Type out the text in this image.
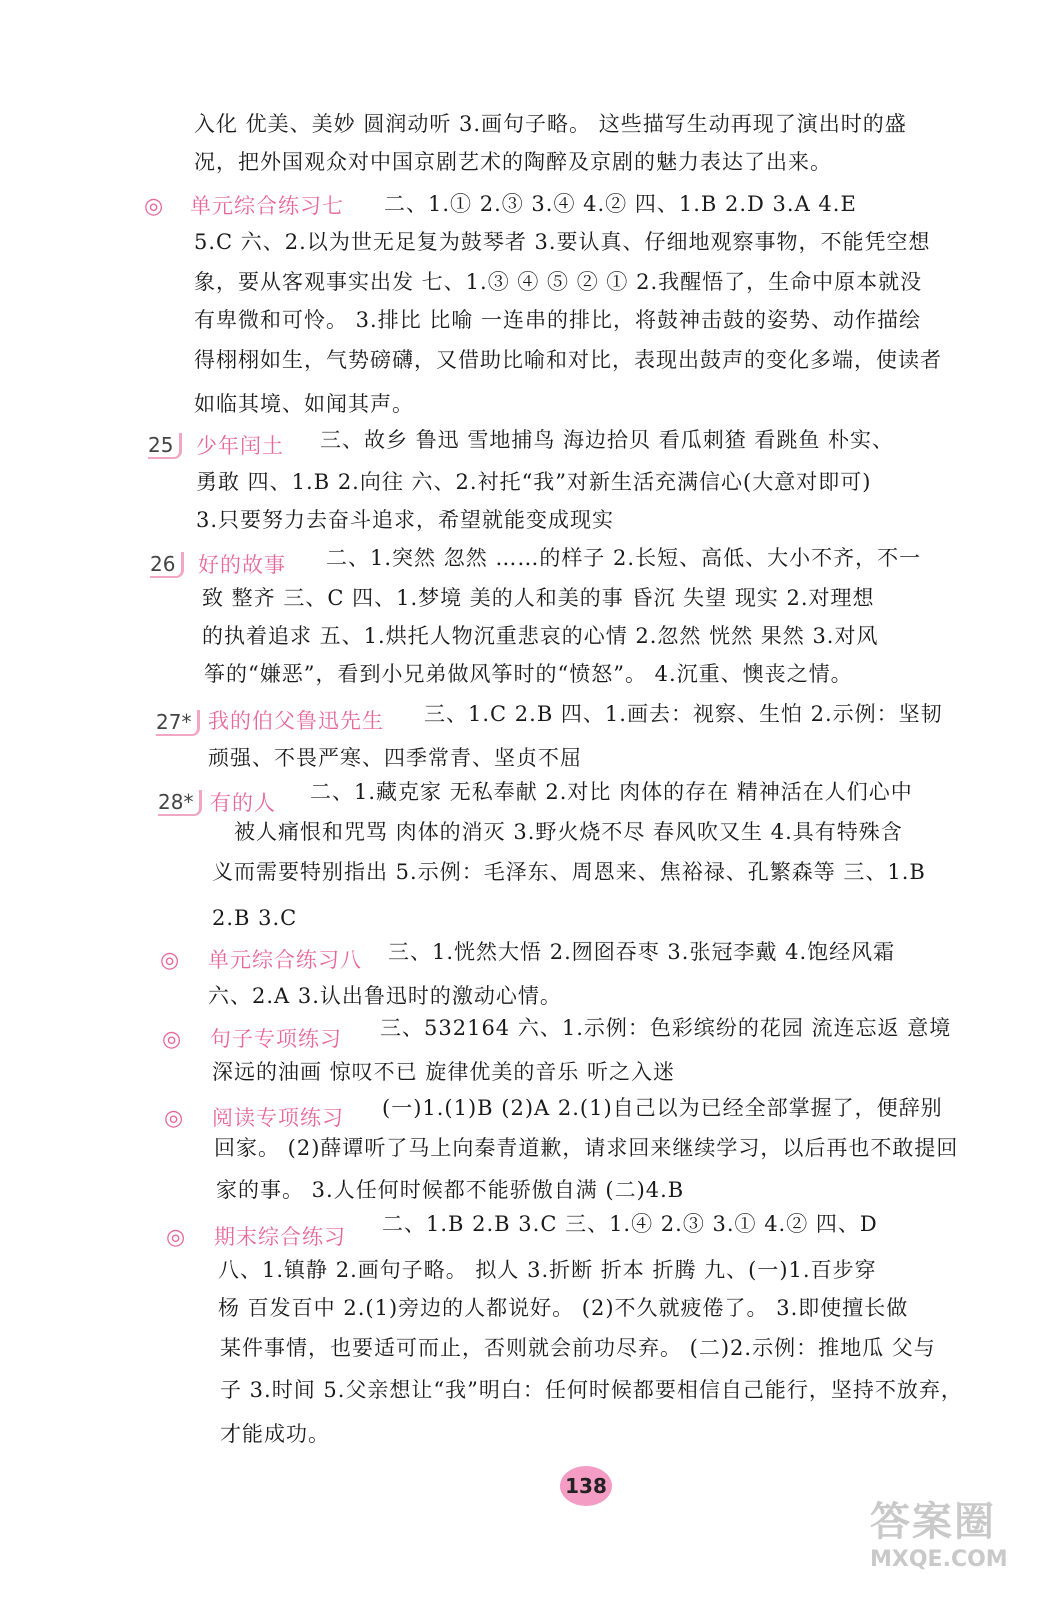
◎
◎
◎
◎
◎
25
26
27*
28*
单元综合练习七
少年闰土
好的故事
我的伯父鲁迅先生
有的人
单元综合练习八
句子专项练习
阅读专项练习
期末综合练习
入化 优美、美妙 圆润动听 3.画句子略。 这些描写生动再现了演出时的盛
况，把外国观众对中国京剧艺术的陶醉及京剧的魅力表达了出来。
二、1.① 2.③ 3.④ 4.② 四、1.B 2.D 3.A 4.E
5.C 六、2.以为世无足复为鼓琴者 3.要认真、仔细地观察事物，不能凭空想
象，要从客观事实出发 七、1.③ ④ ⑤ ② ① 2.我醒悟了，生命中原本就没
有卑微和可怜。 3.排比 比喻 一连串的排比，将鼓神击鼓的姿势、动作描绘
得栩栩如生，气势磅礴，又借助比喻和对比，表现出鼓声的变化多端，使读者
如临其境、如闻其声。
三、故乡 鲁迅 雪地捕鸟 海边拾贝 看瓜刺猹 看跳鱼 朴实、
勇敢 四、1.B 2.向往 六、2.衬托“我”对新生活充满信心(大意对即可)
3.只要努力去奋斗追求，希望就能变成现实
二、1.突然 忽然 ……的样子 2.长短、高低、大小不齐，不一
致 整齐 三、C 四、1.梦境 美的人和美的事 昏沉 失望 现实 2.对理想
的执着追求 五、1.烘托人物沉重悲哀的心情 2.忽然 恍然 果然 3.对风
筝的“嫌恶”，看到小兄弟做风筝时的“愤怒”。 4.沉重、懊丧之情。
三、1.C 2.B 四、1.画去：视察、生怕 2.示例：坚韧
顽强、不畏严寒、四季常青、坚贞不屈
二、1.藏克家 无私奉献 2.对比 肉体的存在 精神活在人们心中
被人痛恨和咒骂 肉体的消灭 3.野火烧不尽 春风吹又生 4.具有特殊含
义而需要特别指出 5.示例：毛泽东、周恩来、焦裕禄、孔繁森等 三、1.B
2.B 3.C
三、1.恍然大悟 2.囫囵吞枣 3.张冠李戴 4.饱经风霜
六、2.A 3.认出鲁迅时的激动心情。
三、532164 六、1.示例：色彩缤纷的花园 流连忘返 意境
深远的油画 惊叹不已 旋律优美的音乐 听之入迷
(一)1.(1)B (2)A 2.(1)自己以为已经全部掌握了，便辞别
回家。 (2)薛谭听了马上向秦青道歉，请求回来继续学习，以后再也不敢提回
家的事。 3.人任何时候都不能骄傲自满 (二)4.B
二、1.B 2.B 3.C 三、1.④ 2.③ 3.① 4.② 四、D
八、1.镇静 2.画句子略。 拟人 3.折断 折本 折腾 九、(一)1.百步穿
杨 百发百中 2.(1)旁边的人都说好。 (2)不久就疲倦了。 3.即使擅长做
某件事情，也要适可而止，否则就会前功尽弃。 (二)2.示例：推地瓜 父与
子 3.时间 5.父亲想让“我”明白：任何时候都要相信自己能行，坚持不放弃，
才能成功。
138
答案圈
MXQE.COM
